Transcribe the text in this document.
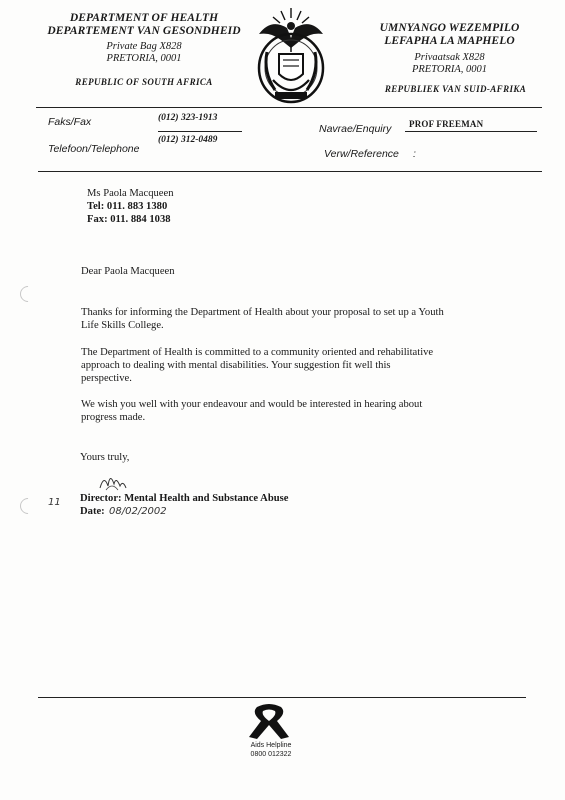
DEPARTMENT OF HEALTH
DEPARTEMENT VAN GESONDHEID
Private Bag X828
PRETORIA, 0001
REPUBLIC OF SOUTH AFRICA
UMNYANGO WEZEMPILO
LEFAPHA LA MAPHELO
Privaatsak X828
PRETORIA, 0001
REPUBLIEK VAN SUID-AFRIKA
Faks/Fax	(012) 323-1913
Navrae/Enquiry PROF FREEMAN
(012) 312-0489
Telefoon/Telephone	Verw/Reference :
Ms Paola Macqueen
Tel: 011. 883 1380
Fax: 011. 884 1038
Dear Paola Macqueen
Thanks for informing the Department of Health about your proposal to set up a Youth
Life Skills College.
The Department of Health is committed to a community oriented and rehabilitative
approach to dealing with mental disabilities. Your suggestion fit well this
perspective.
We wish you well with your endeavour and would be interested in hearing about
progress made.
Yours truly,
11 Director: Mental Health and Substance Abuse
Date: 08/02/2002
Aids Helpline
0800 012322
